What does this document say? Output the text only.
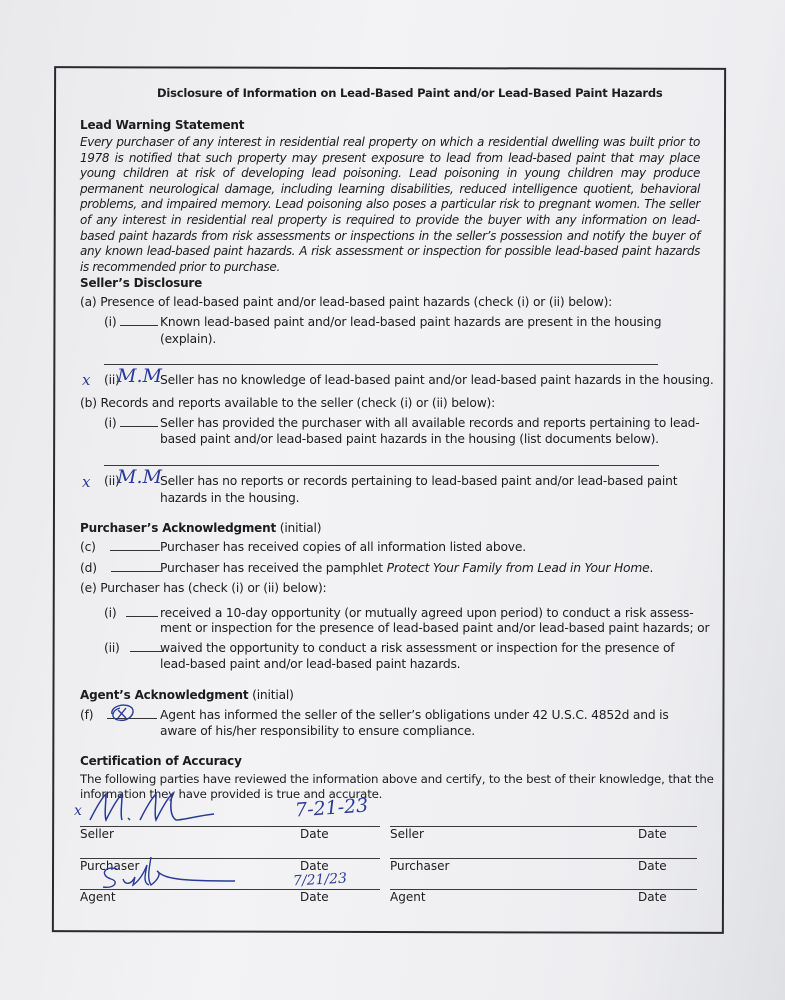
Disclosure of Information on Lead-Based Paint and/or Lead-Based Paint Hazards
Lead Warning Statement
Every purchaser of any interest in residential real property on which a residential dwelling was built prior to 1978 is notified that such property may present exposure to lead from lead-based paint that may place young children at risk of developing lead poisoning. Lead poisoning in young children may produce permanent neurological damage, including learning disabilities, reduced intelligence quotient, behavioral problems, and impaired memory. Lead poisoning also poses a particular risk to pregnant women. The seller of any interest in residential real property is required to provide the buyer with any information on lead-based paint hazards from risk assessments or inspections in the seller’s possession and notify the buyer of any known lead-based paint hazards. A risk assessment or inspection for possible lead-based paint hazards is recommended prior to purchase.
Seller’s Disclosure
(a) Presence of lead-based paint and/or lead-based paint hazards (check (i) or (ii) below):
(i)	Known lead-based paint and/or lead-based paint hazards are present in the housing
(explain).
x (ii)
M.M
Seller has no knowledge of lead-based paint and/or lead-based paint hazards in the housing.
(b) Records and reports available to the seller (check (i) or (ii) below):
(i)	Seller has provided the purchaser with all available records and reports pertaining to lead-
based paint and/or lead-based paint hazards in the housing (list documents below).
x (ii)
M.M
Seller has no reports or records pertaining to lead-based paint and/or lead-based paint
hazards in the housing.
Purchaser’s Acknowledgment (initial)
(c)	Purchaser has received copies of all information listed above.
(d)	Purchaser has received the pamphlet Protect Your Family from Lead in Your Home.
(e) Purchaser has (check (i) or (ii) below):
(i)	received a 10-day opportunity (or mutually agreed upon period) to conduct a risk assess-
ment or inspection for the presence of lead-based paint and/or lead-based paint hazards; or
(ii)	waived the opportunity to conduct a risk assessment or inspection for the presence of
lead-based paint and/or lead-based paint hazards.
Agent’s Acknowledgment (initial)
(f)	Agent has informed the seller of the seller’s obligations under 42 U.S.C. 4852d and is
aware of his/her responsibility to ensure compliance.
Certification of Accuracy
The following parties have reviewed the information above and certify, to the best of their knowledge, that the
information they have provided is true and accurate.
Seller	Date	Seller	Date
Purchaser	Date	Purchaser	Date
Agent	Date	Agent	Date
x	7-21-23
7/21/23
